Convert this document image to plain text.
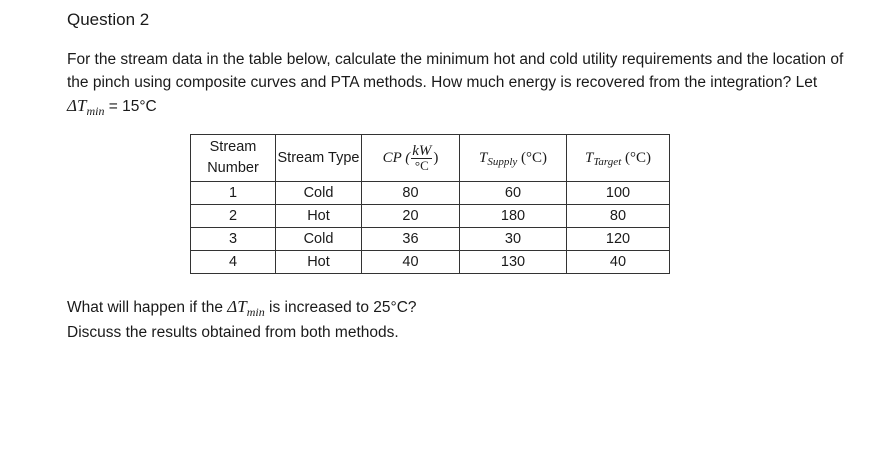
Question 2

For the stream data in the table below, calculate the minimum hot and cold utility requirements and the location of the pinch using composite curves and PTA methods. How much energy is recovered from the integration? Let $\Delta T_{min} = 15^\circ C$

Stream Number	Stream Type	CP ( $\frac{kW}{^\circ C}$ )	$T_{Supply}$ (°C)	$T_{Target}$ (°C)
1	Cold	80	60	100
2	Hot	20	180	80
3	Cold	36	30	120
4	Hot	40	130	40
What will happen if the $\Delta T_{min}$ is increased to 25°C?
Discuss the results obtained from both methods.
